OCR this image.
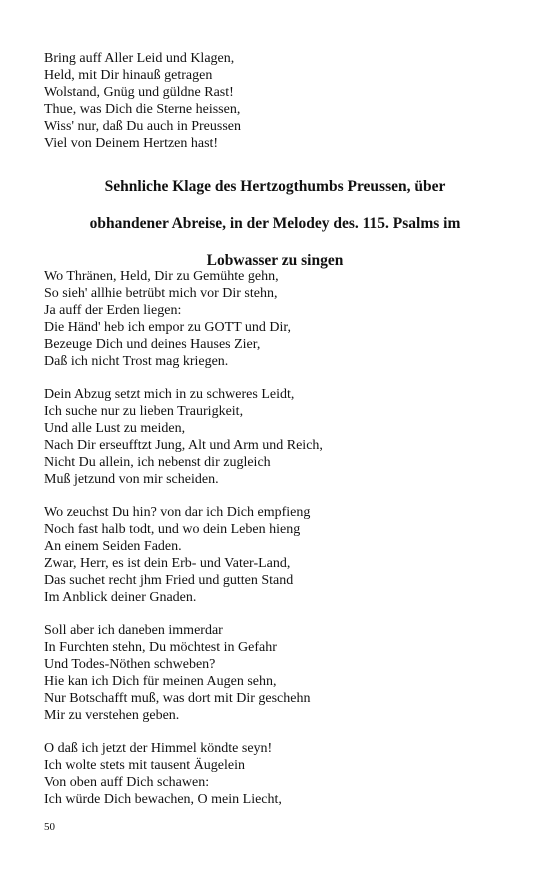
Bring auff Aller Leid und Klagen,
Held, mit Dir hinauß getragen
Wolstand, Gnüg und güldne Rast!
Thue, was Dich die Sterne heissen,
Wiss' nur, daß Du auch in Preussen
Viel von Deinem Hertzen hast!
Sehnliche Klage des Hertzogthumbs Preussen, über
obhandener Abreise, in der Melodey des. 115. Psalms im
Lobwasser zu singen
Wo Thränen, Held, Dir zu Gemühte gehn,
So sieh' allhie betrübt mich vor Dir stehn,
Ja auff der Erden liegen:
Die Händ' heb ich empor zu GOTT und Dir,
Bezeuge Dich und deines Hauses Zier,
Daß ich nicht Trost mag kriegen.
Dein Abzug setzt mich in zu schweres Leidt,
Ich suche nur zu lieben Traurigkeit,
Und alle Lust zu meiden,
Nach Dir erseufftzt Jung, Alt und Arm und Reich,
Nicht Du allein, ich nebenst dir zugleich
Muß jetzund von mir scheiden.
Wo zeuchst Du hin? von dar ich Dich empfieng
Noch fast halb todt, und wo dein Leben hieng
An einem Seiden Faden.
Zwar, Herr, es ist dein Erb- und Vater-Land,
Das suchet recht jhm Fried und gutten Stand
Im Anblick deiner Gnaden.
Soll aber ich daneben immerdar
In Furchten stehn, Du möchtest in Gefahr
Und Todes-Nöthen schweben?
Hie kan ich Dich für meinen Augen sehn,
Nur Botschafft muß, was dort mit Dir geschehn
Mir zu verstehen geben.
O daß ich jetzt der Himmel köndte seyn!
Ich wolte stets mit tausent Äugelein
Von oben auff Dich schawen:
Ich würde Dich bewachen, O mein Liecht,
50
